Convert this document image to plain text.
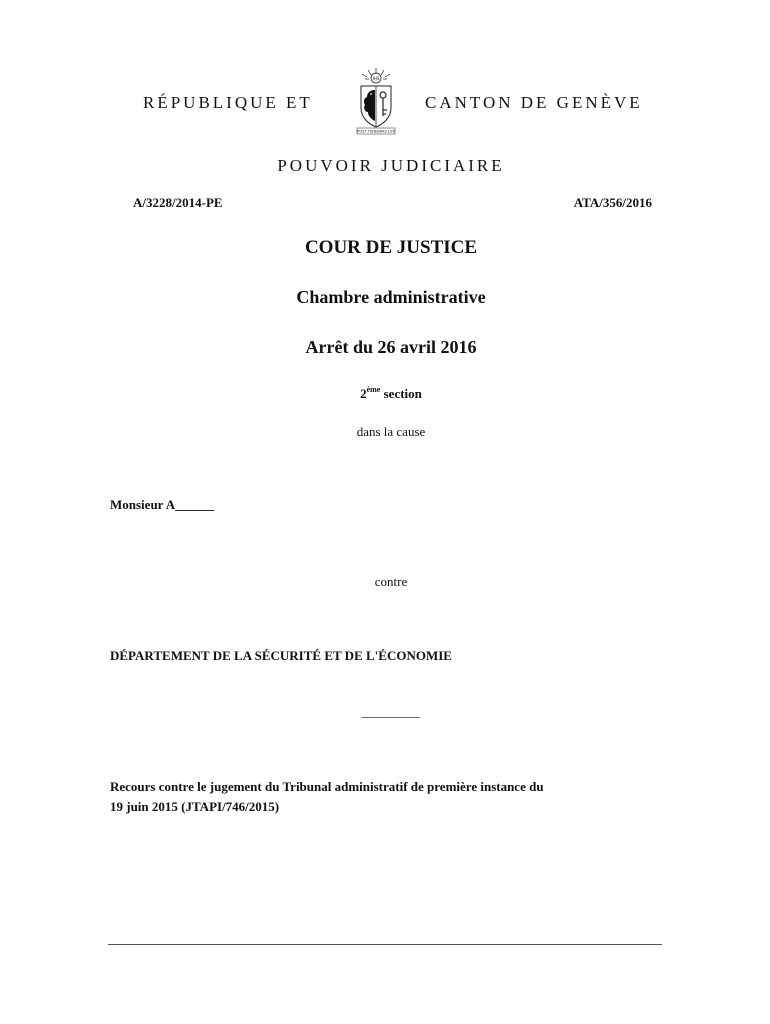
RÉPUBLIQUE ET
IHS
POST TENEBRAS LUX
CANTON DE GENÈVE
POUVOIR JUDICIAIRE
A/3228/2014-PE	ATA/356/2016
COUR DE JUSTICE
Chambre administrative
Arrêt du 26 avril 2016
2ème section
dans la cause
Monsieur A______
contre
DÉPARTEMENT DE LA SÉCURITÉ ET DE L'ÉCONOMIE
_________
Recours contre le jugement du Tribunal administratif de première instance du
19 juin 2015 (JTAPI/746/2015)
